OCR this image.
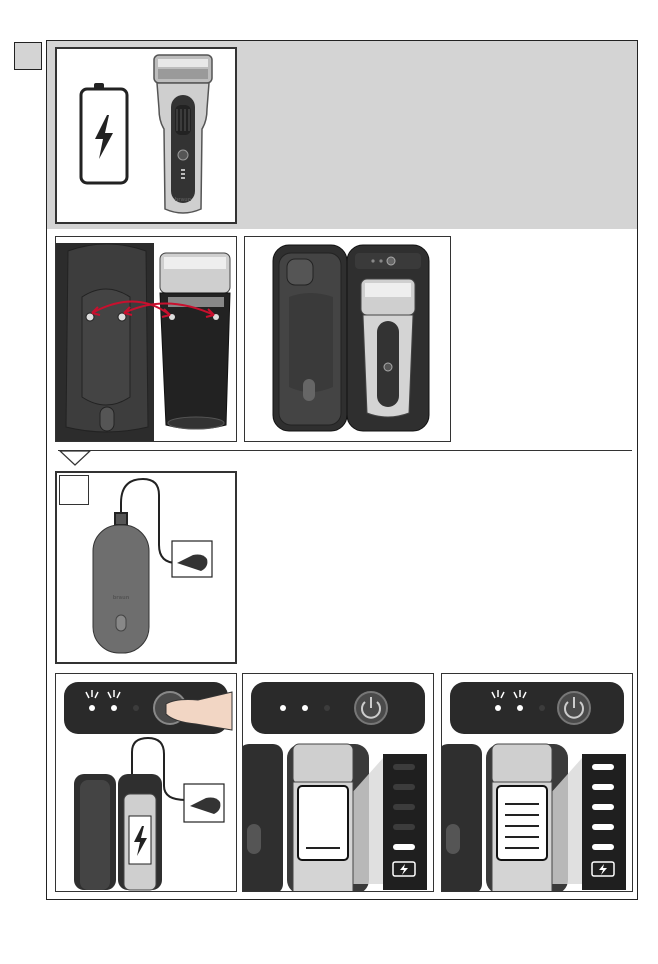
braun
braun
